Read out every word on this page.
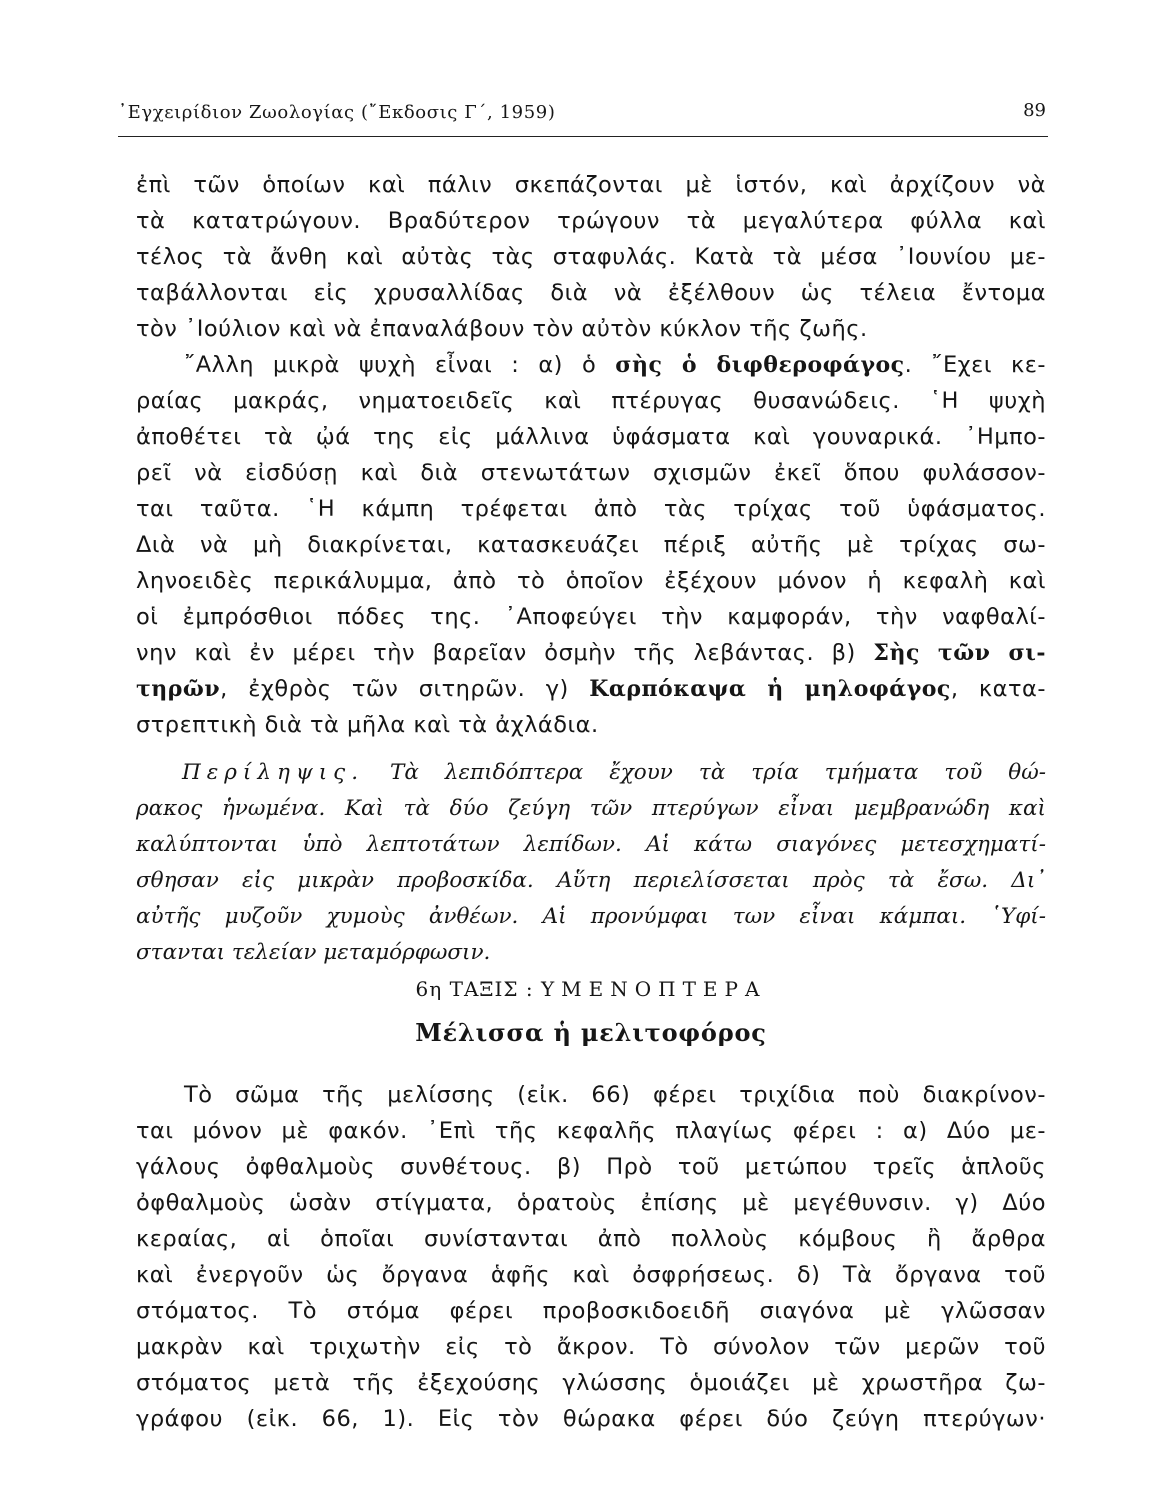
᾿Εγχειρίδιον Ζωολογίας (῎Εκδοσις Γ΄, 1959)	89

ἐπὶ τῶν ὁποίων καὶ πάλιν σκεπάζονται μὲ ἱστόν, καὶ ἀρχίζουν νὰ

τὰ κατατρώγουν. Βραδύτερον τρώγουν τὰ μεγαλύτερα φύλλα καὶ

τέλος τὰ ἄνθη καὶ αὐτὰς τὰς σταφυλάς. Κατὰ τὰ μέσα ᾿Ιουνίου με-

ταβάλλονται εἰς χρυσαλλίδας διὰ νὰ ἐξέλθουν ὡς τέλεια ἔντομα

τὸν ᾿Ιούλιον καὶ νὰ ἐπαναλάβουν τὸν αὐτὸν κύκλον τῆς ζωῆς.

῎Αλλη μικρὰ ψυχὴ εἶναι : α) ὁ σὴς ὁ διφθεροφάγος. ῎Εχει κε-

ραίας μακράς, νηματοειδεῖς καὶ πτέρυγας θυσανώδεις. ῾Η ψυχὴ

ἀποθέτει τὰ ᾠά της εἰς μάλλινα ὑφάσματα καὶ γουναρικά. ᾿Ημπο-

ρεῖ νὰ εἰσδύσῃ καὶ διὰ στενωτάτων σχισμῶν ἐκεῖ ὅπου φυλάσσον-

ται ταῦτα. ῾Η κάμπη τρέφεται ἀπὸ τὰς τρίχας τοῦ ὑφάσματος.

Διὰ νὰ μὴ διακρίνεται, κατασκευάζει πέριξ αὐτῆς μὲ τρίχας σω-

ληνοειδὲς περικάλυμμα, ἀπὸ τὸ ὁποῖον ἐξέχουν μόνον ἡ κεφαλὴ καὶ

οἱ ἐμπρόσθιοι πόδες της. ᾿Αποφεύγει τὴν καμφοράν, τὴν ναφθαλί-

νην καὶ ἐν μέρει τὴν βαρεῖαν ὀσμὴν τῆς λεβάντας. β) Σὴς τῶν σι-

τηρῶν, ἐχθρὸς τῶν σιτηρῶν. γ) Καρπόκαψα ἡ μηλοφάγος, κατα-

στρεπτικὴ διὰ τὰ μῆλα καὶ τὰ ἀχλάδια.

Περίληψις. Τὰ λεπιδόπτερα ἔχουν τὰ τρία τμήματα τοῦ θώ-

ρακος ἡνωμένα. Καὶ τὰ δύο ζεύγη τῶν πτερύγων εἶναι μεμβρανώδη καὶ

καλύπτονται ὑπὸ λεπτοτάτων λεπίδων. Αἱ κάτω σιαγόνες μετεσχηματί-

σθησαν εἰς μικρὰν προβοσκίδα. Αὕτη περιελίσσεται πρὸς τὰ ἔσω. Δι᾿

αὐτῆς μυζοῦν χυμοὺς ἀνθέων. Αἱ προνύμφαι των εἶναι κάμπαι. ῾Υφί-

στανται τελείαν μεταμόρφωσιν.

6η ΤΑΞΙΣ : ΥΜΕΝΟΠΤΕΡΑ

Μέλισσα ἡ μελιτοφόρος

Τὸ σῶμα τῆς μελίσσης (εἰκ. 66) φέρει τριχίδια ποὺ διακρίνον-

ται μόνον μὲ φακόν. ᾿Επὶ τῆς κεφαλῆς πλαγίως φέρει : α) Δύο με-

γάλους ὀφθαλμοὺς συνθέτους. β) Πρὸ τοῦ μετώπου τρεῖς ἁπλοῦς

ὀφθαλμοὺς ὡσὰν στίγματα, ὁρατοὺς ἐπίσης μὲ μεγέθυνσιν. γ) Δύο

κεραίας, αἱ ὁποῖαι συνίστανται ἀπὸ πολλοὺς κόμβους ἢ ἄρθρα

καὶ ἐνεργοῦν ὡς ὄργανα ἁφῆς καὶ ὀσφρήσεως. δ) Τὰ ὄργανα τοῦ

στόματος. Τὸ στόμα φέρει προβοσκιδοειδῆ σιαγόνα μὲ γλῶσσαν

μακρὰν καὶ τριχωτὴν εἰς τὸ ἄκρον. Τὸ σύνολον τῶν μερῶν τοῦ

στόματος μετὰ τῆς ἐξεχούσης γλώσσης ὁμοιάζει μὲ χρωστῆρα ζω-

γράφου (εἰκ. 66, 1). Εἰς τὸν θώρακα φέρει δύο ζεύγη πτερύγων·
